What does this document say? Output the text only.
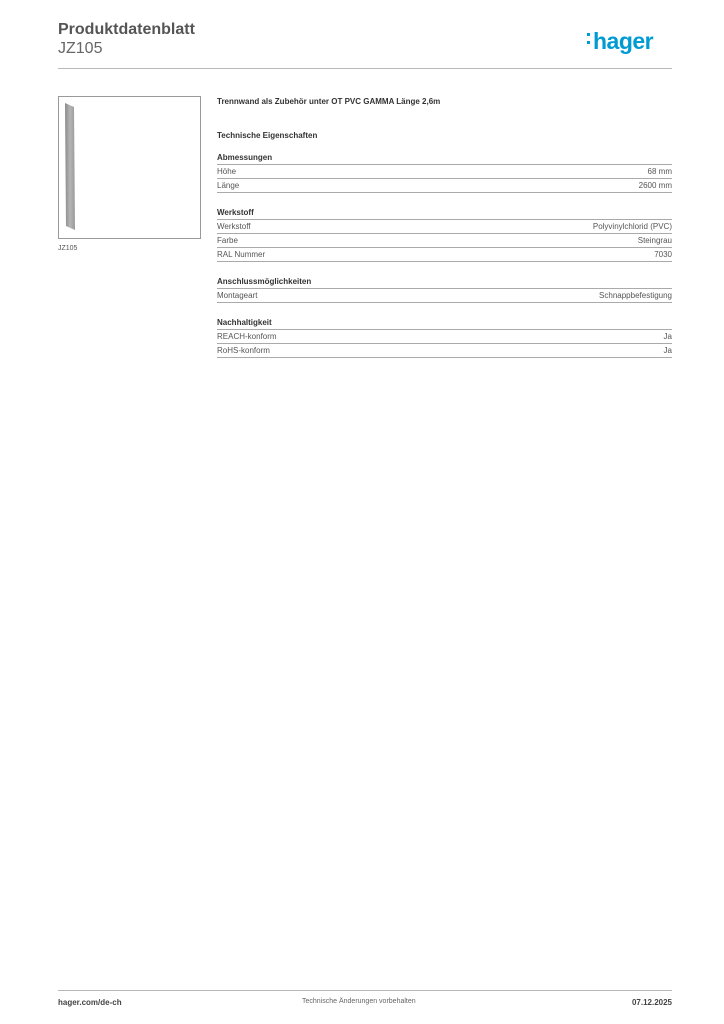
Produktdatenblatt
JZ105	hager
JZ105
Trennwand als Zubehör unter OT PVC GAMMA Länge 2,6m
Technische Eigenschaften
Abmessungen
Höhe	68 mm
Länge	2600 mm
Werkstoff
Werkstoff	Polyvinylchlorid (PVC)
Farbe	Steingrau
RAL Nummer	7030
Anschlussmöglichkeiten
Montageart	Schnappbefestigung
Nachhaltigkeit
REACH-konform	Ja
RoHS-konform	Ja
hager.com/de-ch	Technische Änderungen vorbehalten	07.12.2025
